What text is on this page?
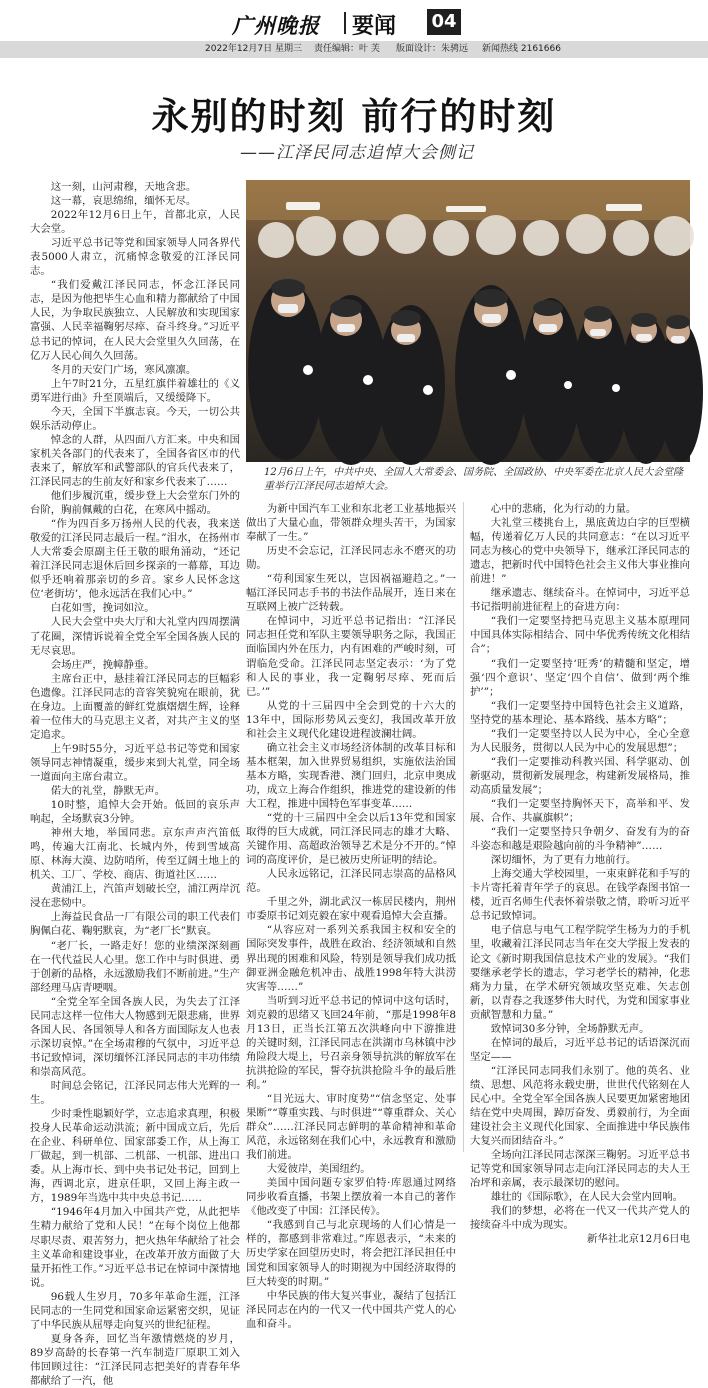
广州晚报 要闻 04
2022年12月7日 星期三 责任编辑：叶 芙 版面设计：朱骋远 新闻热线 2161666
永别的时刻 前行的时刻
——江泽民同志追悼大会侧记
12月6日上午，中共中央、全国人大常委会、国务院、全国政协、中央军委在北京人民大会堂隆重举行江泽民同志追悼大会。

这一刻，山河肃穆，天地含悲。

这一幕，哀思绵绵，缅怀无尽。

2022年12月6日上午，首都北京，人民大会堂。

习近平总书记等党和国家领导人同各界代表5000人肃立，沉痛悼念敬爱的江泽民同志。

“我们爱戴江泽民同志，怀念江泽民同志，是因为他把毕生心血和精力都献给了中国人民，为争取民族独立、人民解放和实现国家富强、人民幸福鞠躬尽瘁、奋斗终身。”习近平总书记的悼词，在人民大会堂里久久回荡，在亿万人民心间久久回荡。

冬月的天安门广场，寒风凛凛。

上午7时21分，五星红旗伴着雄壮的《义勇军进行曲》升至顶端后，又缓缓降下。

今天，全国下半旗志哀。今天，一切公共娱乐活动停止。

悼念的人群，从四面八方汇来。中央和国家机关各部门的代表来了，全国各省区市的代表来了，解放军和武警部队的官兵代表来了，江泽民同志的生前友好和家乡代表来了……

他们步履沉重，缓步登上大会堂东门外的台阶，胸前佩戴的白花，在寒风中摇动。

“作为四百多万扬州人民的代表，我来送敬爱的江泽民同志最后一程。”泪水，在扬州市人大常委会原副主任王敬的眼角涌动，“还记着江泽民同志退休后回乡探亲的一幕幕，耳边似乎还响着那亲切的乡音。家乡人民怀念这位‘老街坊’，他永远活在我们心中。”

白花如雪，挽词如泣。

人民大会堂中央大厅和大礼堂内四周摆满了花圈，深情诉说着全党全军全国各族人民的无尽哀思。

会场庄严，挽幛静垂。

主席台正中，悬挂着江泽民同志的巨幅彩色遗像。江泽民同志的音容笑貌宛在眼前，犹在身边。上面覆盖的鲜红党旗熠熠生辉，诠释着一位伟大的马克思主义者，对共产主义的坚定追求。

上午9时55分，习近平总书记等党和国家领导同志神情凝重，缓步来到大礼堂，同全场一道面向主席台肃立。

偌大的礼堂，静默无声。

10时整，追悼大会开始。低回的哀乐声响起，全场默哀3分钟。

神州大地，举国同悲。京东声声汽笛低鸣，传遍大江南北、长城内外，传到雪域高原、林海大漠、边防哨所，传至辽阔土地上的机关、工厂、学校、商店、街道社区……

黄浦江上，汽笛声划破长空，浦江两岸沉浸在悲恸中。

上海益民食品一厂有限公司的职工代表们胸佩白花、鞠躬默哀，为“老厂长”默哀。

“老厂长，一路走好！您的业绩深深刻画在一代代益民人心里。您工作中与时俱进、勇于创新的品格，永远激励我们不断前进。”生产部经理马店青哽咽。

“全党全军全国各族人民，为失去了江泽民同志这样一位伟大人物感到无限悲痛，世界各国人民、各国领导人和各方面国际友人也表示深切哀悼。”在全场肃穆的气氛中，习近平总书记致悼词，深切缅怀江泽民同志的丰功伟绩和崇高风范。

时间总会铭记，江泽民同志伟大光辉的一生。

少时秉性聪颖好学，立志追求真理，积极投身人民革命运动洪流；新中国成立后，先后在企业、科研单位、国家部委工作，从上海工厂做起，到一机部、二机部、一机部、进出口委。从上海市长、到中央书记处书记，回到上海，西调北京，进京任职，又回上海主政一方，1989年当选中共中央总书记……

“1946年4月加入中国共产党，从此把毕生精力献给了党和人民！”在每个岗位上他都尽职尽责、艰苦努力，把火热年华献给了社会主义革命和建设事业，在改革开放方面做了大量开拓性工作。”习近平总书记在悼词中深情地说。

96载人生岁月，70多年革命生涯，江泽民同志的一生同党和国家命运紧密交织，见证了中华民族从屈辱走向复兴的世纪征程。

夏身各奔，回忆当年激情燃烧的岁月，89岁高龄的长春第一汽车制造厂原职工刘入伟回顾过往：“江泽民同志把美好的青春年华都献给了一汽，他

为新中国汽车工业和东北老工业基地振兴做出了大量心血，带领群众埋头苦干，为国家奉献了一生。”

历史不会忘记，江泽民同志永不磨灭的功勋。

“苟利国家生死以，岂因祸福避趋之。”一幅江泽民同志手书的书法作品展开，连日来在互联网上被广泛转载。

在悼词中，习近平总书记指出：“江泽民同志担任党和军队主要领导职务之际，我国正面临国内外在压力，内有困难的严峻时刻，可谓临危受命。江泽民同志坚定表示：‘为了党和人民的事业，我一定鞠躬尽瘁、死而后已。’”

从党的十三届四中全会到党的十六大的13年中，国际形势风云变幻，我国改革开放和社会主义现代化建设进程波澜壮阔。

确立社会主义市场经济体制的改革目标和基本框架，加入世界贸易组织，实施依法治国基本方略，实现香港、澳门回归，北京申奥成功，成立上海合作组织，推进党的建设新的伟大工程，推进中国特色军事变革……

“党的十三届四中全会以后13年党和国家取得的巨大成就，同江泽民同志的雄才大略、关键作用、高超政治领导艺术是分不开的。”悼词的高度评价，是已被历史所证明的结论。

人民永远铭记，江泽民同志崇高的品格风范。

千里之外，湖北武汉一栋居民楼内，荆州市委原书记刘克毅在家中观看追悼大会直播。

“从容应对一系列关系我国主权和安全的国际突发事件，战胜在政治、经济领域和自然界出现的困难和风险，特别是领导我们成功抵御亚洲金融危机冲击、战胜1998年特大洪涝灾害等……”

当听到习近平总书记的悼词中这句话时，刘克毅的思绪又飞回24年前，“那是1998年8月13日，正当长江第五次洪峰向中下游推进的关键时刻，江泽民同志在洪湖市乌林镇中沙角险段大堤上，号召亲身领导抗洪的解放军在抗洪抢险的军民，誓夺抗洪抢险斗争的最后胜利。”

“目光远大、审时度势”“信念坚定、处事果断”“尊重实践、与时俱进”“尊重群众、关心群众”……江泽民同志鲜明的革命精神和革命风范，永远铭刻在我们心中，永远教育和激励我们前进。

大爱彼岸，美国纽约。

美国中国问题专家罗伯特·库恩通过网络同步收看直播，书架上摆放着一本自己的著作《他改变了中国：江泽民传》。

“我感到自己与北京现场的人们心情是一样的，都感到非常难过。”库恩表示，“未来的历史学家在回望历史时，将会把江泽民担任中国党和国家领导人的时期视为中国经济取得的巨大转变的时期。”

中华民族的伟大复兴事业，凝结了包括江泽民同志在内的一代又一代中国共产党人的心血和奋斗。

心中的悲痛，化为行动的力量。

大礼堂三楼挑台上，黑底黄边白字的巨型横幅，传递着亿万人民的共同意志：“在以习近平同志为核心的党中央领导下，继承江泽民同志的遗志，把新时代中国特色社会主义伟大事业推向前进！”

继承遗志、继续奋斗。在悼词中，习近平总书记指明前进征程上的奋进方向：

“我们一定要坚持把马克思主义基本原理同中国具体实际相结合、同中华优秀传统文化相结合”；

“我们一定要坚持‘旺秀’的精髓和坚定，增强‘四个意识’、坚定‘四个自信’、做到‘两个维护’”；

“我们一定要坚持中国特色社会主义道路，坚持党的基本理论、基本路线、基本方略”；

“我们一定要坚持以人民为中心，全心全意为人民服务，贯彻以人民为中心的发展思想”；

“我们一定要推动科教兴国、科学驱动、创新驱动，贯彻新发展理念，构建新发展格局，推动高质量发展”；

“我们一定要坚持胸怀天下，高举和平、发展、合作、共赢旗帜”；

“我们一定要坚持只争朝夕、奋发有为的奋斗姿态和越是艰险越向前的斗争精神”……

深切缅怀，为了更有力地前行。

上海交通大学校园里，一束束鲜花和手写的卡片寄托着青年学子的哀思。在钱学森图书馆一楼，近百名师生代表怀着崇敬之情，聆听习近平总书记致悼词。

电子信息与电气工程学院学生杨为力的手机里，收藏着江泽民同志当年在交大学报上发表的论文《新时期我国信息技术产业的发展》。“我们要继承老学长的遗志，学习老学长的精神，化悲痛为力量，在学术研究领域攻坚克难、矢志创新，以青春之我逐梦伟大时代，为党和国家事业贡献智慧和力量。”

致悼词30多分钟，全场静默无声。

在悼词的最后，习近平总书记的话语深沉而坚定——

“江泽民同志同我们永别了。他的英名、业绩、思想、风范将永载史册，世世代代铭刻在人民心中。全党全军全国各族人民要更加紧密地团结在党中央周围，踔厉奋发、勇毅前行，为全面建设社会主义现代化国家、全面推进中华民族伟大复兴而团结奋斗。”

全场向江泽民同志深深三鞠躬。习近平总书记等党和国家领导同志走向江泽民同志的夫人王冶坪和亲属，表示最深切的慰问。

雄壮的《国际歌》，在人民大会堂内回响。

我们的梦想，必将在一代又一代共产党人的接续奋斗中成为现实。

新华社北京12月6日电
